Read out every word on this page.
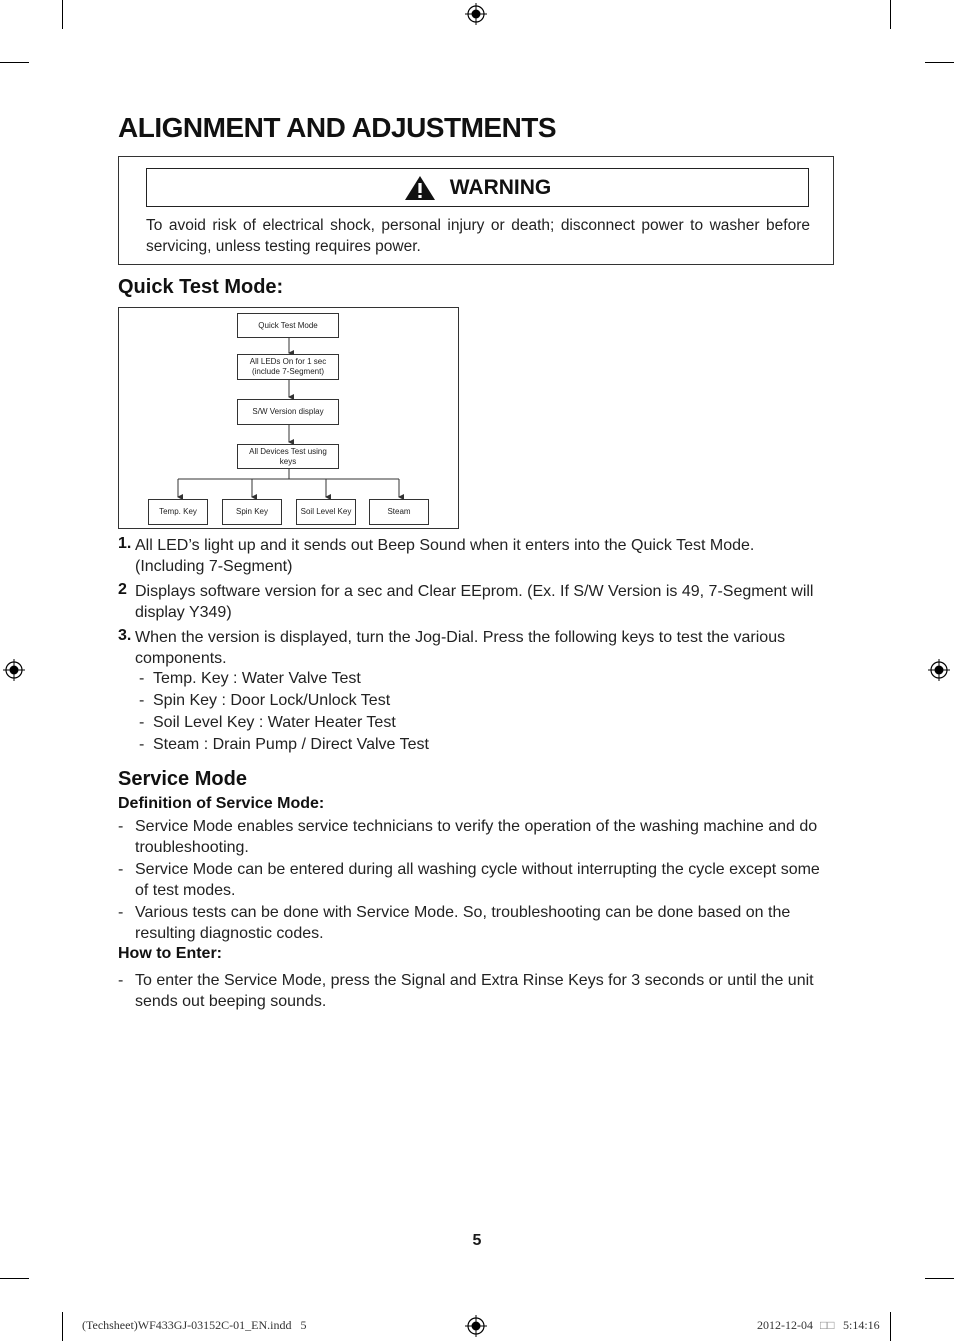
ALIGNMENT AND ADJUSTMENTS
WARNING

To avoid risk of electrical shock, personal injury or death; disconnect power to washer before servicing, unless testing requires power.

Quick Test Mode:
Quick Test Mode
All LEDs On for 1 sec
(include 7-Segment)
S/W Version display
All Devices Test using keys
Temp. Key	Spin Key	Soil Level Key	Steam
1. All LED’s light up and it sends out Beep Sound when it enters into the Quick Test Mode. (Including 7-Segment)

2 Displays software version for a sec and Clear EEprom. (Ex. If S/W Version is 49, 7-Segment will display Y349)

3. When the version is displayed, turn the Jog-Dial. Press the following keys to test the various components.

- Temp. Key : Water Valve Test

- Spin Key : Door Lock/Unlock Test

- Soil Level Key : Water Heater Test

- Steam : Drain Pump / Direct Valve Test

Service Mode
Definition of Service Mode:
- Service Mode enables service technicians to verify the operation of the washing machine and do troubleshooting.

- Service Mode can be entered during all washing cycle without interrupting the cycle except some of test modes.

- Various tests can be done with Service Mode. So, troubleshooting can be done based on the resulting diagnostic codes.

How to Enter:
- To enter the Service Mode, press the Signal and Extra Rinse Keys for 3 seconds or until the unit sends out beeping sounds.

5
(Techsheet)WF433GJ-03152C-01_EN.indd   5	2012-12-04 □□ 5:14:16
